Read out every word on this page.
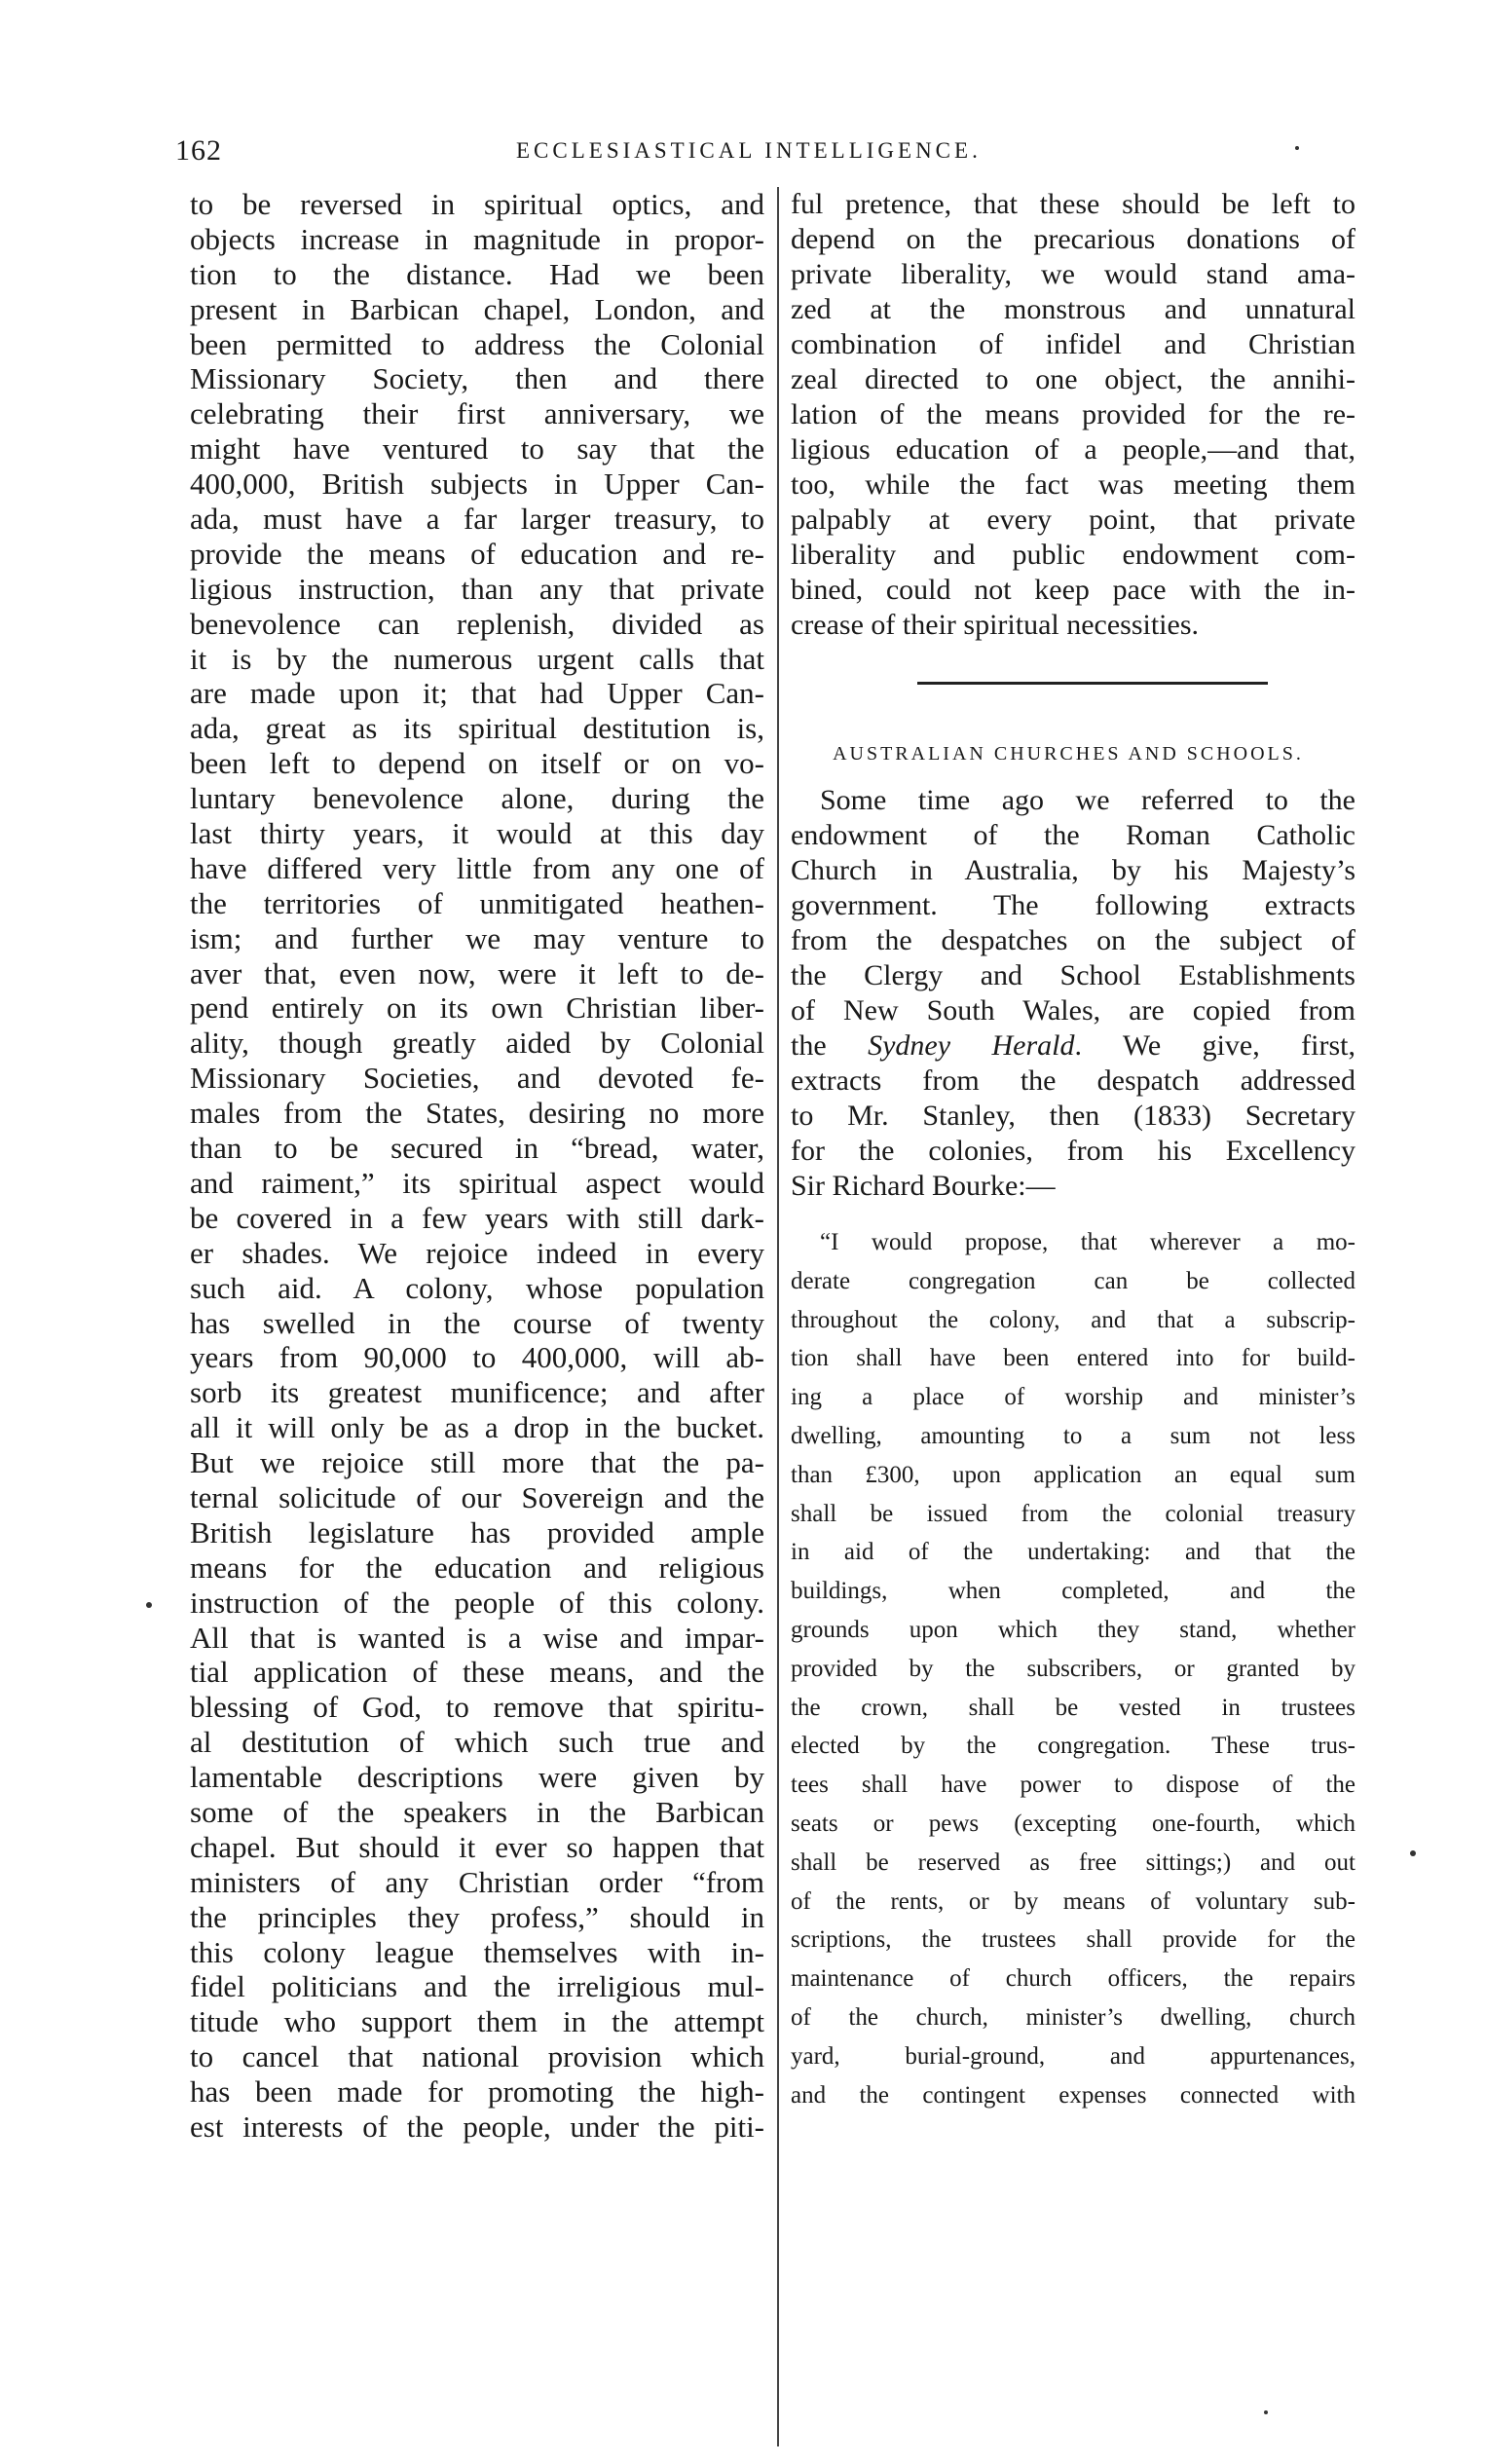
162	ECCLESIASTICAL INTELLIGENCE.
to be reversed in spiritual optics, and
objects increase in magnitude in propor-
tion to the distance. Had we been
present in Barbican chapel, London, and
been permitted to address the Colonial
Missionary Society, then and there
celebrating their first anniversary, we
might have ventured to say that the
400,000, British subjects in Upper Can-
ada, must have a far larger treasury, to
provide the means of education and re-
ligious instruction, than any that private
benevolence can replenish, divided as
it is by the numerous urgent calls that
are made upon it; that had Upper Can-
ada, great as its spiritual destitution is,
been left to depend on itself or on vo-
luntary benevolence alone, during the
last thirty years, it would at this day
have differed very little from any one of
the territories of unmitigated heathen-
ism; and further we may venture to
aver that, even now, were it left to de-
pend entirely on its own Christian liber-
ality, though greatly aided by Colonial
Missionary Societies, and devoted fe-
males from the States, desiring no more
than to be secured in “bread, water,
and raiment,” its spiritual aspect would
be covered in a few years with still dark-
er shades. We rejoice indeed in every
such aid. A colony, whose population
has swelled in the course of twenty
years from 90,000 to 400,000, will ab-
sorb its greatest munificence; and after
all it will only be as a drop in the bucket.
But we rejoice still more that the pa-
ternal solicitude of our Sovereign and the
British legislature has provided ample
means for the education and religious
instruction of the people of this colony.
All that is wanted is a wise and impar-
tial application of these means, and the
blessing of God, to remove that spiritu-
al destitution of which such true and
lamentable descriptions were given by
some of the speakers in the Barbican
chapel. But should it ever so happen that
ministers of any Christian order “from
the principles they profess,” should in
this colony league themselves with in-
fidel politicians and the irreligious mul-
titude who support them in the attempt
to cancel that national provision which
has been made for promoting the high-
est interests of the people, under the piti-
ful pretence, that these should be left to
depend on the precarious donations of
private liberality, we would stand ama-
zed at the monstrous and unnatural
combination of infidel and Christian
zeal directed to one object, the annihi-
lation of the means provided for the re-
ligious education of a people,—and that,
too, while the fact was meeting them
palpably at every point, that private
liberality and public endowment com-
bined, could not keep pace with the in-
crease of their spiritual necessities.
AUSTRALIAN CHURCHES AND SCHOOLS.
Some time ago we referred to the
endowment of the Roman Catholic
Church in Australia, by his Majesty’s
government. The following extracts
from the despatches on the subject of
the Clergy and School Establishments
of New South Wales, are copied from
the Sydney Herald. We give, first,
extracts from the despatch addressed
to Mr. Stanley, then (1833) Secretary
for the colonies, from his Excellency
Sir Richard Bourke:—
“I would propose, that wherever a mo-
derate congregation can be collected
throughout the colony, and that a subscrip-
tion shall have been entered into for build-
ing a place of worship and minister’s
dwelling, amounting to a sum not less
than £300, upon application an equal sum
shall be issued from the colonial treasury
in aid of the undertaking: and that the
buildings, when completed, and the
grounds upon which they stand, whether
provided by the subscribers, or granted by
the crown, shall be vested in trustees
elected by the congregation. These trus-
tees shall have power to dispose of the
seats or pews (excepting one-fourth, which
shall be reserved as free sittings;) and out
of the rents, or by means of voluntary sub-
scriptions, the trustees shall provide for the
maintenance of church officers, the repairs
of the church, minister’s dwelling, church
yard, burial-ground, and appurtenances,
and the contingent expenses connected with
